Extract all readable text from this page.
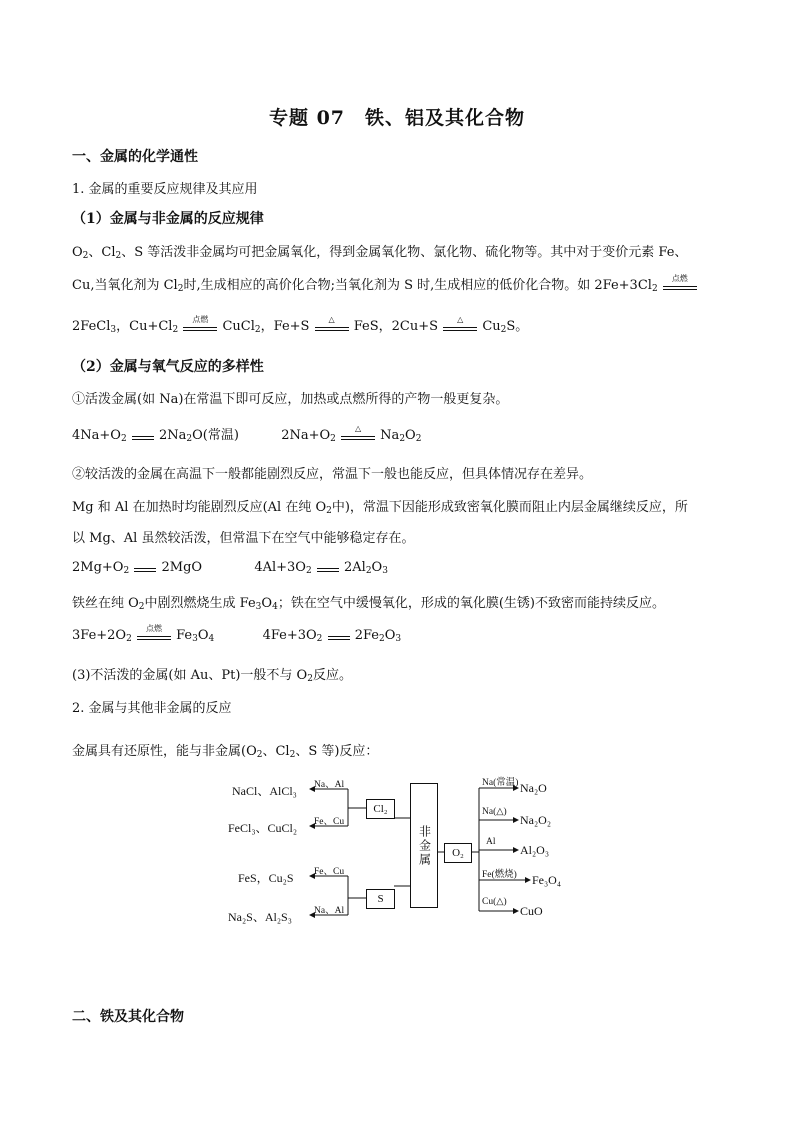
专题 07　铁、铝及其化合物
一、金属的化学通性
1. 金属的重要反应规律及其应用
（1）金属与非金属的反应规律
$O_2$、$Cl_2$、S 等活泼非金属均可把金属氧化，得到金属氧化物、氯化物、硫化物等。其中对于变价元素 Fe、
Cu,当氧化剂为 $Cl_2$时,生成相应的高价化合物;当氧化剂为 S 时,生成相应的低价化合物。如 $2Fe+3Cl_2$
点燃
2FeCl$_3$，$Cu+Cl_2$
点燃	CuCl$_2$，Fe+S	△	FeS，2Cu+S	△	$Cu_2S$。
（2）金属与氧气反应的多样性
①活泼金属(如 Na)在常温下即可反应，加热或点燃所得的产物一般更复杂。
$4Na+O_2$ $2Na_2O$(常温)	$2Na+O_2$
△	$Na_2O_2$
②较活泼的金属在高温下一般都能剧烈反应，常温下一般也能反应，但具体情况存在差异。
Mg 和 Al 在加热时均能剧烈反应(Al 在纯 $O_2$中)，常温下因能形成致密氧化膜而阻止内层金属继续反应，所
以 Mg、Al 虽然较活泼，但常温下在空气中能够稳定存在。
$2Mg+O_2$ 2MgO	$4Al+3O_2$ $2Al_2O_3$
铁丝在纯 $O_2$中剧烈燃烧生成 $Fe_3O_4$；铁在空气中缓慢氧化，形成的氧化膜(生锈)不致密而能持续反应。
$3Fe+2O_2$
点燃	$Fe_3O_4$	$4Fe+3O_2$ $2Fe_2O_3$
(3)不活泼的金属(如 Au、Pt)一般不与 $O_2$反应。
2. 金属与其他非金属的反应
金属具有还原性，能与非金属($O_2$、$Cl_2$、S 等)反应：
非金属
Cl₂
S
O₂
NaCl、AlCl₃ Na、Al
FeCl₃、CuCl₂ Fe、Cu
FeS，Cu₂S Fe、Cu
Na₂S、Al₂S₃ Na、Al
Na(常温) Na₂O
Na(△)
Na₂O₂
Al
Al₂O₃
Fe(燃烧) Fe₃O₄
Cu(△)
CuO
二、铁及其化合物
